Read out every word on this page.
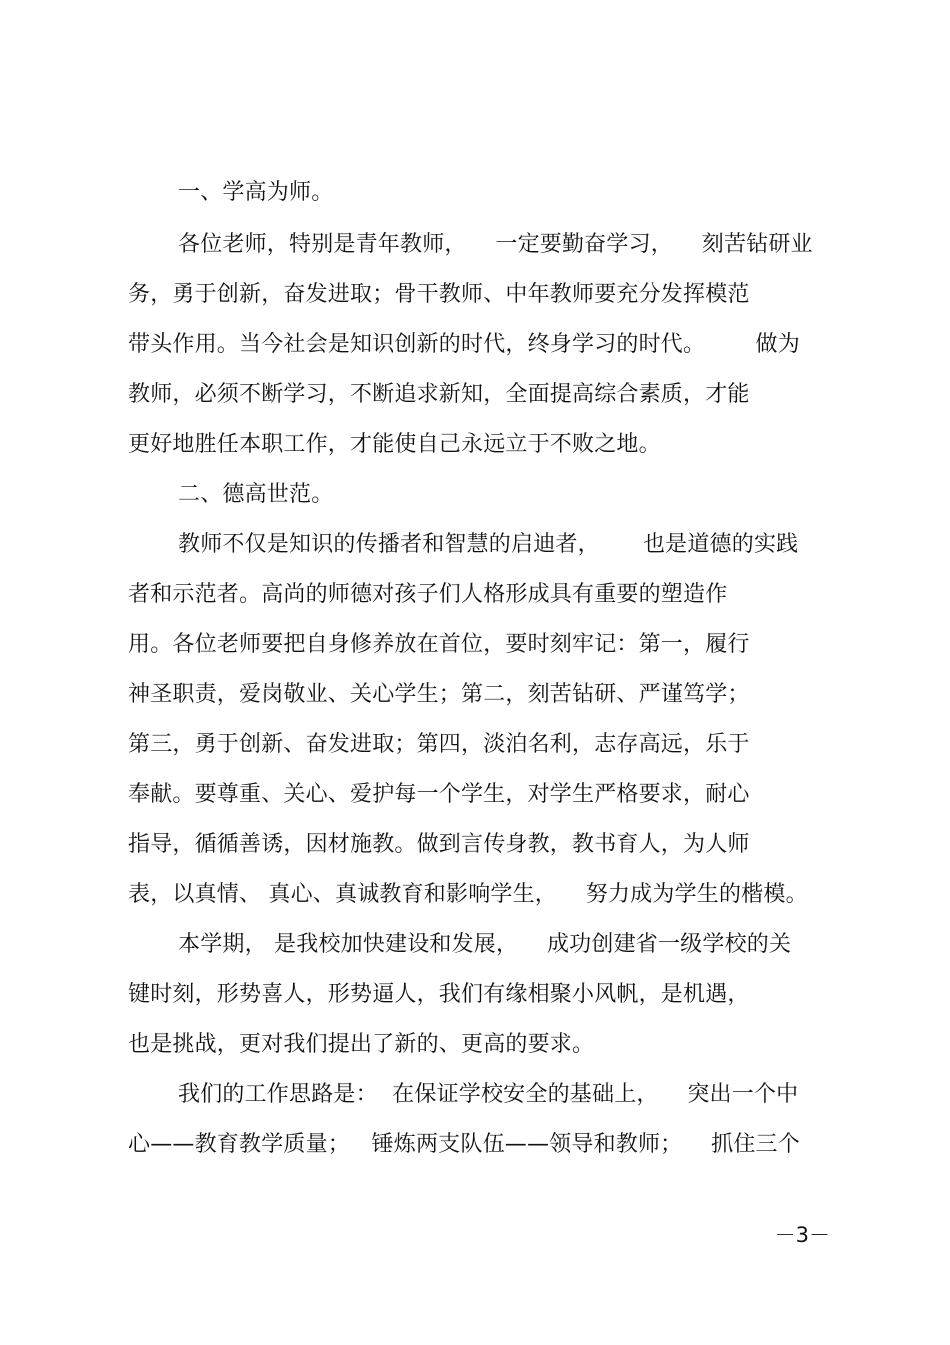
一、学高为师。
各位老师，特别是青年教师，    一定要勤奋学习，    刻苦钻研业
务，勇于创新，奋发进取；骨干教师、中年教师要充分发挥模范
带头作用。当今社会是知识创新的时代，终身学习的时代。       做为
教师，必须不断学习，不断追求新知，全面提高综合素质，才能
更好地胜任本职工作，才能使自己永远立于不败之地。
二、德高世范。
教师不仅是知识的传播者和智慧的启迪者，      也是道德的实践
者和示范者。高尚的师德对孩子们人格形成具有重要的塑造作
用。各位老师要把自身修养放在首位，要时刻牢记：第一，履行
神圣职责，爱岗敬业、关心学生；第二，刻苦钻研、严谨笃学；
第三，勇于创新、奋发进取；第四，淡泊名利，志存高远，乐于
奉献。要尊重、关心、爱护每一个学生，对学生严格要求，耐心
指导，循循善诱，因材施教。做到言传身教，教书育人，为人师
表，以真情、 真心、真诚教育和影响学生，    努力成为学生的楷模。
本学期， 是我校加快建设和发展，    成功创建省一级学校的关
键时刻，形势喜人，形势逼人，我们有缘相聚小风帆，是机遇，
也是挑战，更对我们提出了新的、更高的要求。
我们的工作思路是：  在保证学校安全的基础上，    突出一个中
心——教育教学质量；   锤炼两支队伍——领导和教师；    抓住三个
－3－
